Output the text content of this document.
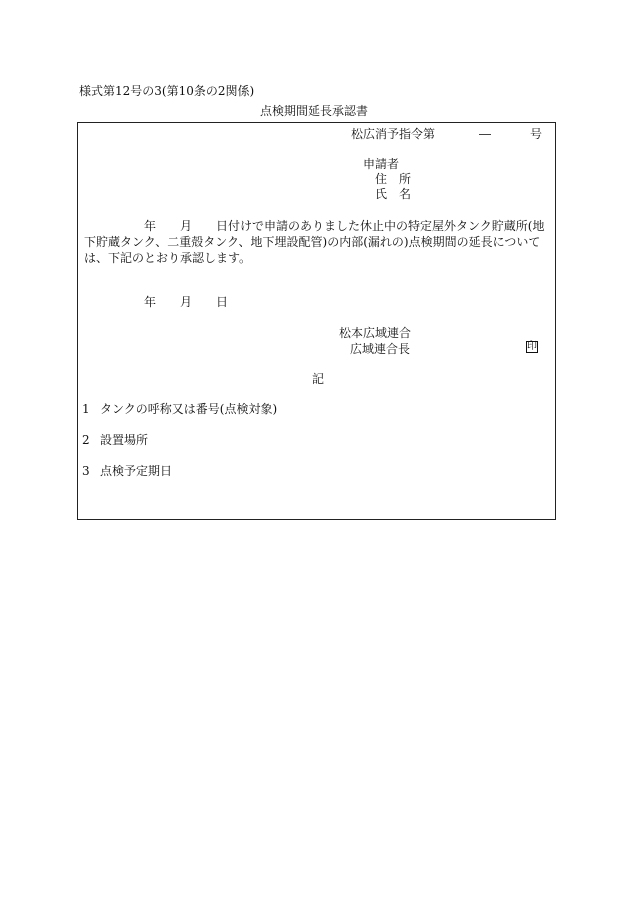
様式第12号の3(第10条の2関係)
点検期間延長承認書
松広消予指令第	―	号
申請者
住　所
氏　名
　　　　　年　　月　　日付けで申請のありました休止中の特定屋外タンク貯蔵所(地下貯蔵タンク、二重殻タンク、地下埋設配管)の内部(漏れの)点検期間の延長については、下記のとおり承認します。
年　　月　　日
松本広域連合
広域連合長	印
記
1 タンクの呼称又は番号(点検対象)
2 設置場所
3 点検予定期日
